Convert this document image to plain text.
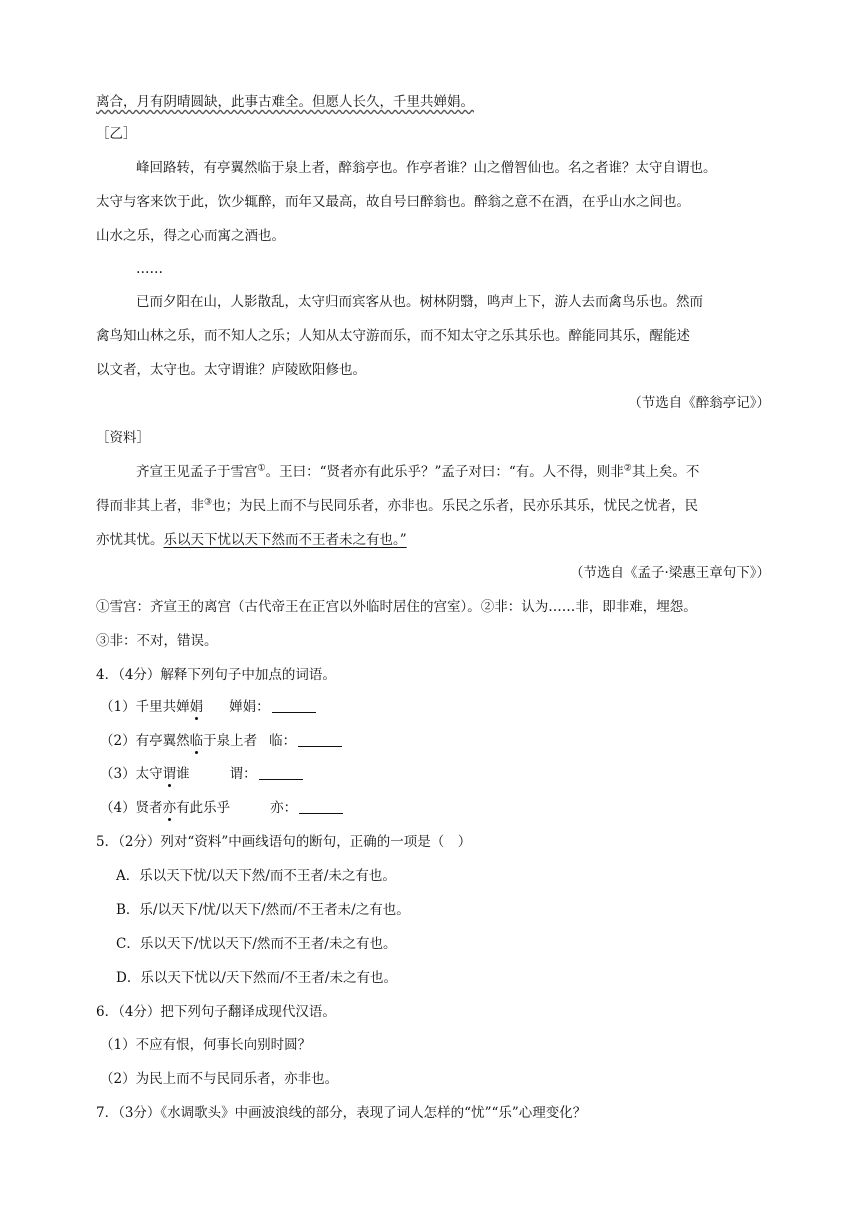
离合，月有阴晴圆缺，此事古难全。但愿人长久，千里共婵娟。
［乙］
峰回路转，有亭翼然临于泉上者，醉翁亭也。作亭者谁？山之僧智仙也。名之者谁？太守自谓也。
太守与客来饮于此，饮少辄醉，而年又最高，故自号曰醉翁也。醉翁之意不在酒，在乎山水之间也。
山水之乐，得之心而寓之酒也。
……
已而夕阳在山，人影散乱，太守归而宾客从也。树林阴翳，鸣声上下，游人去而禽鸟乐也。然而
禽鸟知山林之乐，而不知人之乐；人知从太守游而乐，而不知太守之乐其乐也。醉能同其乐，醒能述
以文者，太守也。太守谓谁？庐陵欧阳修也。
（节选自《醉翁亭记》）
［资料］
齐宣王见孟子于雪宫①。王曰：“贤者亦有此乐乎？”孟子对曰：“有。人不得，则非②其上矣。不
得而非其上者，非③也；为民上而不与民同乐者，亦非也。乐民之乐者，民亦乐其乐，忧民之忧者，民
亦忧其忧。乐以天下忧以天下然而不王者未之有也。”
（节选自《孟子·梁惠王章句下》）
①雪宫：齐宣王的离宫（古代帝王在正宫以外临时居住的宫室）。②非：认为……非，即非难，埋怨。
③非：不对，错误。
4．（4分）解释下列句子中加点的词语。
（1）千里共婵娟 婵娟：
（2）有亭翼然临于泉上者 临：
（3）太守谓谁	谓：
（4）贤者亦有此乐乎	亦：
5．（2分）列对“资料”中画线语句的断句，正确的一项是（　）
A．乐以天下忧/以天下然/而不王者/未之有也。
B．乐/以天下/忧/以天下/然而/不王者未/之有也。
C．乐以天下/忧以天下/然而不王者/未之有也。
D．乐以天下忧以/天下然而/不王者/未之有也。
6．（4分）把下列句子翻译成现代汉语。
（1）不应有恨，何事长向别时圆？
（2）为民上而不与民同乐者，亦非也。
7．（3分）《水调歌头》中画波浪线的部分，表现了词人怎样的“忧”“乐”心理变化？
